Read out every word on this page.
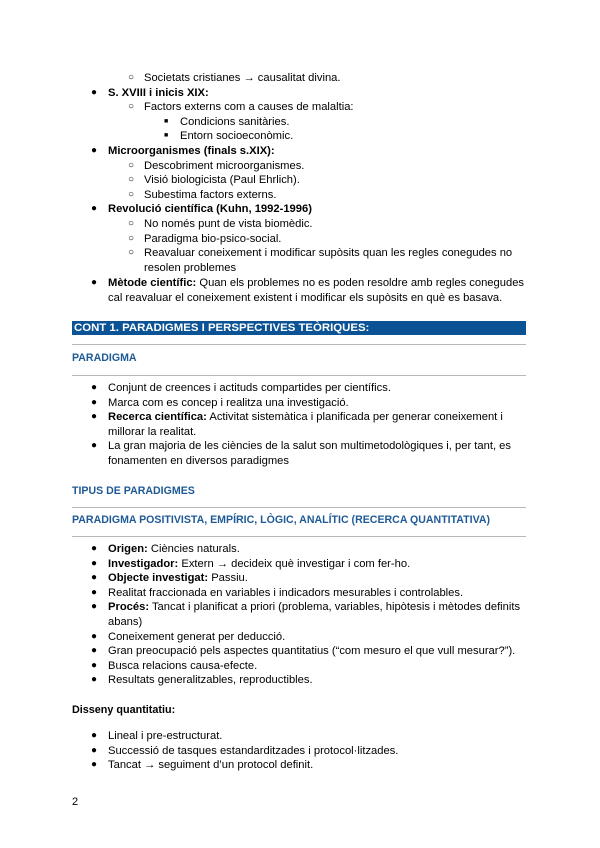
○ Societats cristianes → causalitat divina.
● S. XVIII i inicis XIX:
○ Factors externs com a causes de malaltia:
■ Condicions sanitàries.
■ Entorn socioeconòmic.
● Microorganismes (finals s.XIX):
○ Descobriment microorganismes.
○ Visió biologicista (Paul Ehrlich).
○ Subestima factors externs.
● Revolució científica (Kuhn, 1992-1996)
○ No només punt de vista biomèdic.
○ Paradigma bio-psico-social.
○ Reavaluar coneixement i modificar supòsits quan les regles conegudes no resolen problemes
● Mètode científic: Quan els problemes no es poden resoldre amb regles conegudes cal reavaluar el coneixement existent i modificar els supòsits en què es basava.
CONT 1. PARADIGMES I PERSPECTIVES TEÒRIQUES:
PARADIGMA
● Conjunt de creences i actituds compartides per científics.
● Marca com es concep i realitza una investigació.
● Recerca científica: Activitat sistemàtica i planificada per generar coneixement i millorar la realitat.
● La gran majoria de les ciències de la salut son multimetodològiques i, per tant, es fonamenten en diversos paradigmes
TIPUS DE PARADIGMES
PARADIGMA POSITIVISTA, EMPÍRIC, LÒGIC, ANALÍTIC (RECERCA QUANTITATIVA)
● Origen: Ciències naturals.
● Investigador: Extern → decideix què investigar i com fer-ho.
● Objecte investigat: Passiu.
● Realitat fraccionada en variables i indicadors mesurables i controlables.
● Procés: Tancat i planificat a priori (problema, variables, hipòtesis i mètodes definits abans)
● Coneixement generat per deducció.
● Gran preocupació pels aspectes quantitatius (“com mesuro el que vull mesurar?”).
● Busca relacions causa-efecte.
● Resultats generalitzables, reproductibles.
Disseny quantitatiu:
● Lineal i pre-estructurat.
● Successió de tasques estandarditzades i protocol·litzades.
● Tancat → seguiment d’un protocol definit.
2
